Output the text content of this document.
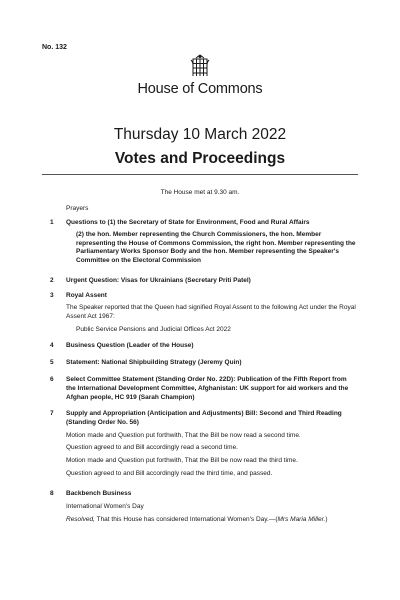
No. 132
House of Commons
Thursday 10 March 2022
Votes and Proceedings
The House met at 9.30 am.
Prayers
1 Questions to (1) the Secretary of State for Environment, Food and Rural Affairs
(2) the hon. Member representing the Church Commissioners, the hon. Member representing the House of Commons Commission, the right hon. Member representing the Parliamentary Works Sponsor Body and the hon. Member representing the Speaker's Committee on the Electoral Commission
2 Urgent Question: Visas for Ukrainians (Secretary Priti Patel)
3 Royal Assent
The Speaker reported that the Queen had signified Royal Assent to the following Act under the Royal Assent Act 1967:
Public Service Pensions and Judicial Offices Act 2022
4 Business Question (Leader of the House)
5 Statement: National Shipbuilding Strategy (Jeremy Quin)
6 Select Committee Statement (Standing Order No. 22D): Publication of the Fifth Report from the International Development Committee, Afghanistan: UK support for aid workers and the Afghan people, HC 919 (Sarah Champion)
7 Supply and Appropriation (Anticipation and Adjustments) Bill: Second and Third Reading (Standing Order No. 56)
Motion made and Question put forthwith, That the Bill be now read a second time.
Question agreed to and Bill accordingly read a second time.
Motion made and Question put forthwith, That the Bill be now read the third time.
Question agreed to and Bill accordingly read the third time, and passed.
8 Backbench Business
International Women's Day
Resolved, That this House has considered International Women's Day.—(Mrs Maria Miller.)
